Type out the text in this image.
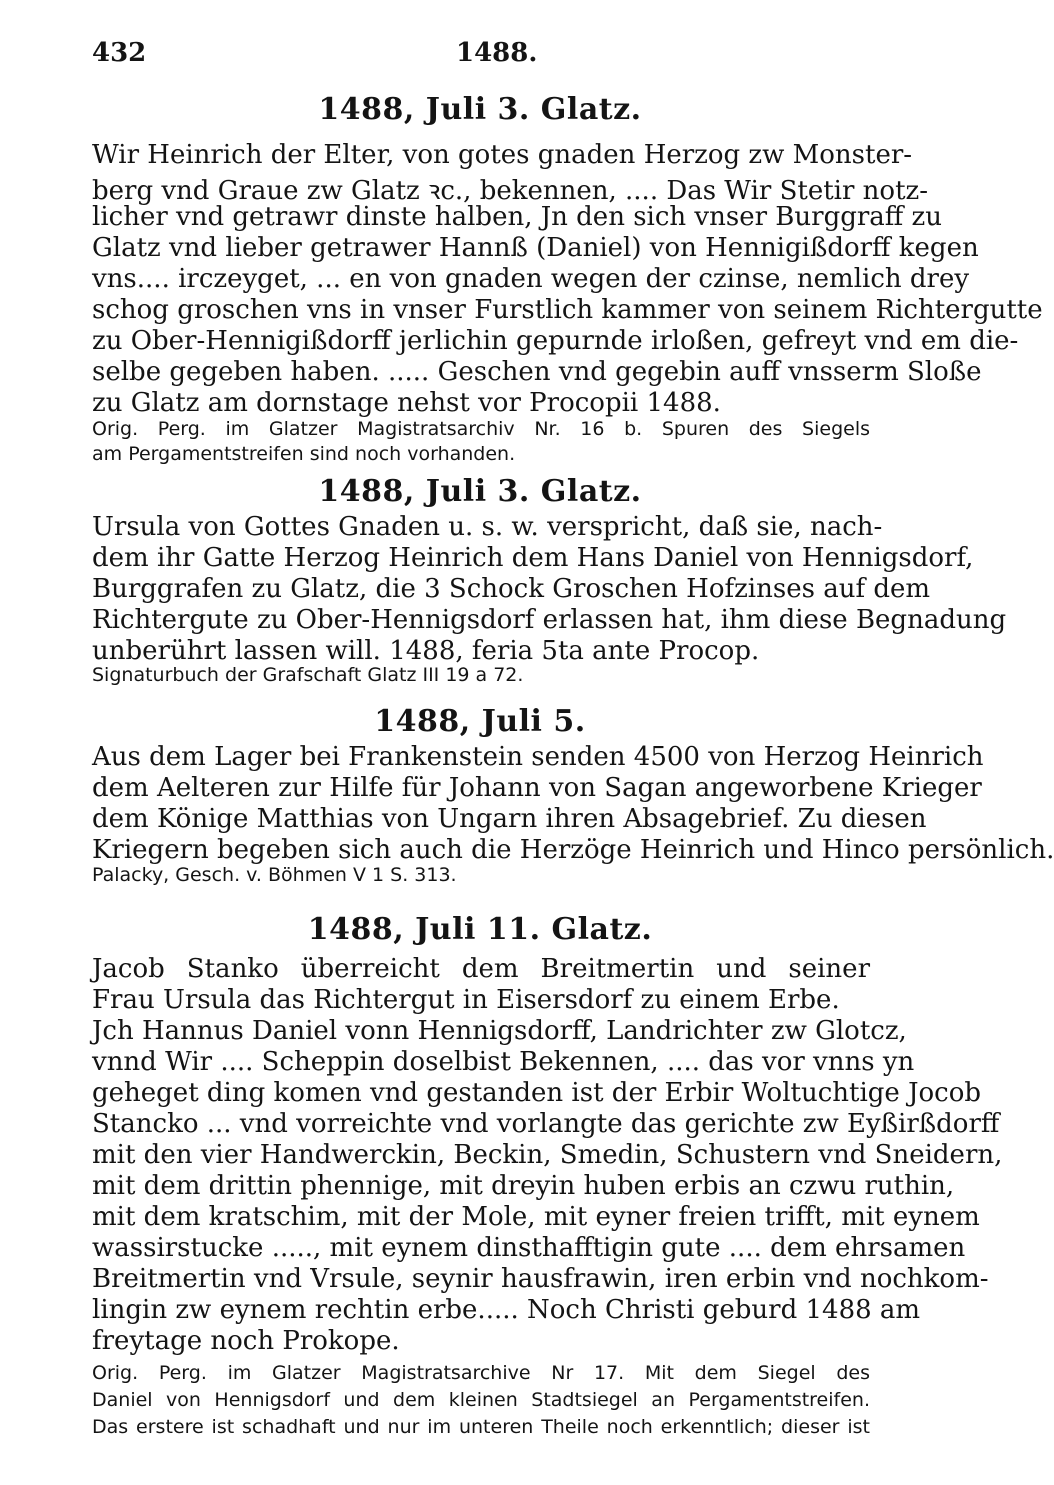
432	1488.
1488, Juli 3. Glatz.
Wir Heinrich der Elter, von gotes gnaden Herzog zw Monster-
berg vnd Graue zw Glatz ꝛc., bekennen, .... Das Wir Stetir notz-
licher vnd getrawr dinste halben, Jn den sich vnser Burggraff zu
Glatz vnd lieber getrawer Hannß (Daniel) von Hennigißdorff kegen
vns.... irczeyget, ... en von gnaden wegen der czinse, nemlich drey
schog groschen vns in vnser Furstlich kammer von seinem Richtergutte
zu Ober-Hennigißdorff jerlichin gepurnde irloßen, gefreyt vnd em die-
selbe gegeben haben. ..... Geschen vnd gegebin auff vnsserm Sloße
zu Glatz am dornstage nehst vor Procopii 1488.
Orig. Perg. im Glatzer Magistratsarchiv Nr. 16 b. Spuren des Siegels
am Pergamentstreifen sind noch vorhanden.
1488, Juli 3. Glatz.
Ursula von Gottes Gnaden u. s. w. verspricht, daß sie, nach-
dem ihr Gatte Herzog Heinrich dem Hans Daniel von Hennigsdorf,
Burggrafen zu Glatz, die 3 Schock Groschen Hofzinses auf dem
Richtergute zu Ober-Hennigsdorf erlassen hat, ihm diese Begnadung
unberührt lassen will. 1488, feria 5ta ante Procop.
Signaturbuch der Grafschaft Glatz III 19 a 72.
1488, Juli 5.
Aus dem Lager bei Frankenstein senden 4500 von Herzog Heinrich
dem Aelteren zur Hilfe für Johann von Sagan angeworbene Krieger
dem Könige Matthias von Ungarn ihren Absagebrief. Zu diesen
Kriegern begeben sich auch die Herzöge Heinrich und Hinco persönlich.
Palacky, Gesch. v. Böhmen V 1 S. 313.
1488, Juli 11. Glatz.
Jacob Stanko überreicht dem Breitmertin und seiner
Frau Ursula das Richtergut in Eisersdorf zu einem Erbe.
Jch Hannus Daniel vonn Hennigsdorff, Landrichter zw Glotcz,
vnnd Wir .... Scheppin doselbist Bekennen, .... das vor vnns yn
geheget ding komen vnd gestanden ist der Erbir Woltuchtige Jocob
Stancko ... vnd vorreichte vnd vorlangte das gerichte zw Eyßirßdorff
mit den vier Handwerckin, Beckin, Smedin, Schustern vnd Sneidern,
mit dem drittin phennige, mit dreyin huben erbis an czwu ruthin,
mit dem kratschim, mit der Mole, mit eyner freien trifft, mit eynem
wassirstucke ....., mit eynem dinsthafftigin gute .... dem ehrsamen
Breitmertin vnd Vrsule, seynir hausfrawin, iren erbin vnd nochkom-
lingin zw eynem rechtin erbe..... Noch Christi geburd 1488 am
freytage noch Prokope.
Orig. Perg. im Glatzer Magistratsarchive Nr 17. Mit dem Siegel des
Daniel von Hennigsdorf und dem kleinen Stadtsiegel an Pergamentstreifen.
Das erstere ist schadhaft und nur im unteren Theile noch erkenntlich; dieser ist
